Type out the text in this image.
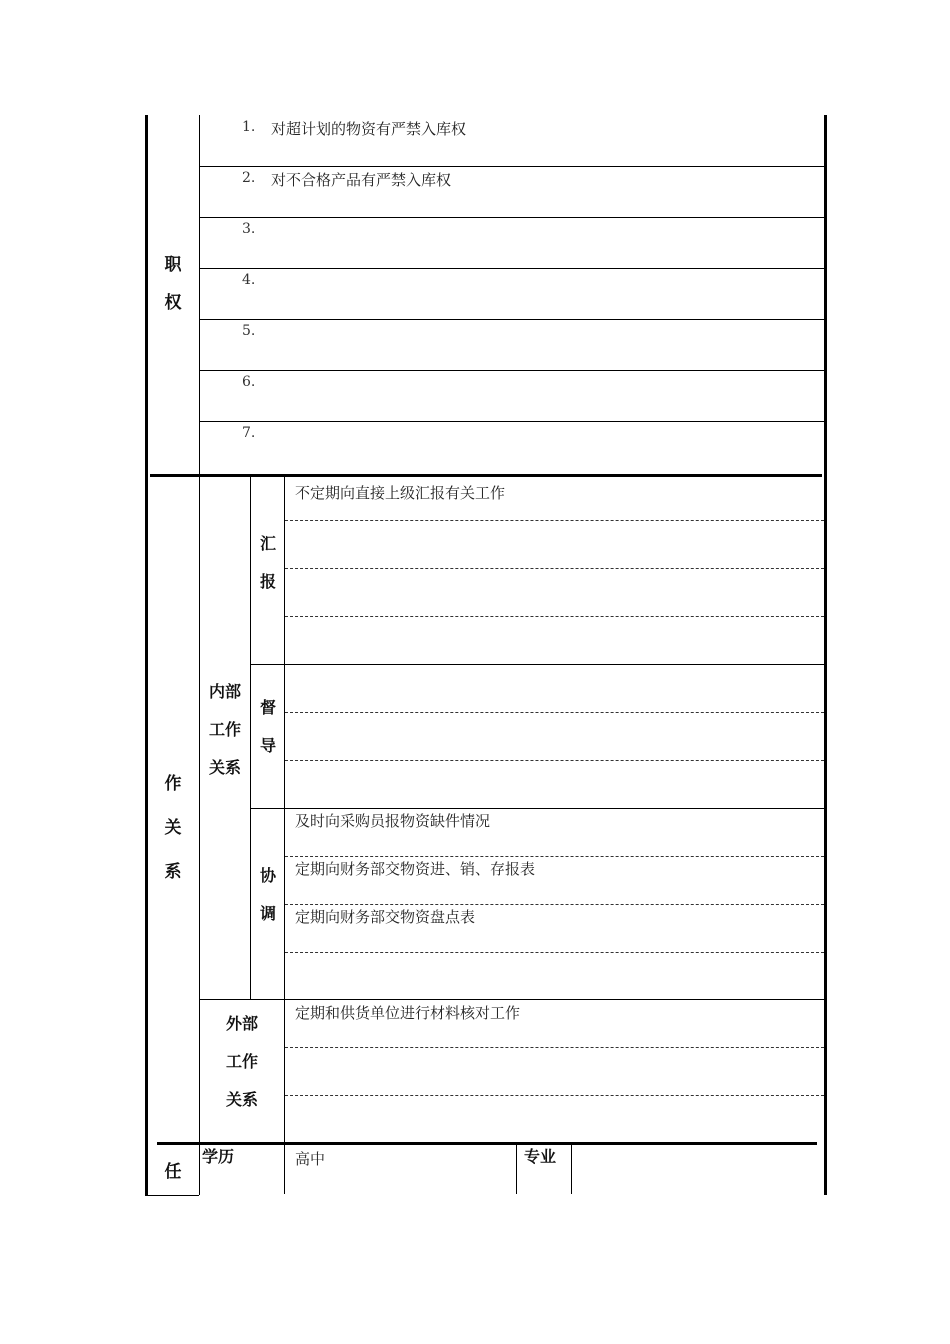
职
权
1. 对超计划的物资有严禁入库权
2. 对不合格产品有严禁入库权
3.
4.
5.
6.
7.
作
关
系
内部
工作
关系
汇
报
不定期向直接上级汇报有关工作
督
导
协
调
及时向采购员报物资缺件情况
定期向财务部交物资进、销、存报表
定期向财务部交物资盘点表
外部
工作
关系
定期和供货单位进行材料核对工作
任
学历	高中	专业
